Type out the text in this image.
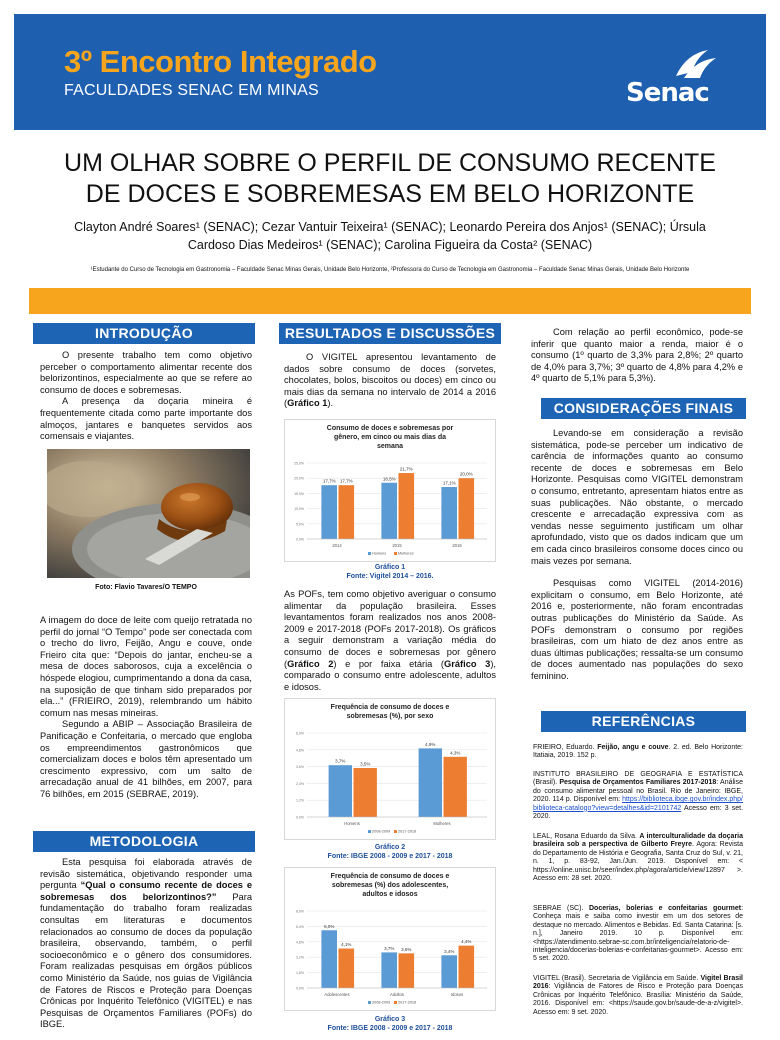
3º Encontro Integrado
FACULDADES SENAC EM MINAS	Senac
UM OLHAR SOBRE O PERFIL DE CONSUMO RECENTE
DE DOCES E SOBREMESAS EM BELO HORIZONTE
Clayton André Soares¹ (SENAC); Cezar Vantuir Teixeira¹ (SENAC); Leonardo Pereira dos Anjos¹ (SENAC); Úrsula
Cardoso Dias Medeiros¹ (SENAC); Carolina Figueira da Costa² (SENAC)
¹Estudante do Curso de Tecnologia em Gastronomia – Faculdade Senac Minas Gerais, Unidade Belo Horizonte, ²Professora do Curso de Tecnologia em Gastronomia – Faculdade Senac Minas Gerais, Unidade Belo Horizonte
INTRODUÇÃO

O presente trabalho tem como objetivo perceber o comportamento alimentar recente dos belorizontinos, especialmente ao que se refere ao consumo de doces e sobremesas.

A presença da doçaria mineira é frequentemente citada como parte importante dos almoços, jantares e banquetes servidos aos comensais e viajantes.

Foto: Flavio Tavares/O TEMPO

A imagem do doce de leite com queijo retratada no perfil do jornal “O Tempo” pode ser conectada com o trecho do livro, Feijão, Angu e couve, onde Frieiro cita que: “Depois do jantar, encheu-se a mesa de doces saborosos, cuja a excelência o hóspede elogiou, cumprimentando a dona da casa, na suposição de que tinham sido preparados por ela...” (FRIEIRO, 2019), relembrando um hábito comum nas mesas mineiras.

Segundo a ABIP – Associação Brasileira de Panificação e Confeitaria, o mercado que engloba os empreendimentos gastronômicos que comercializam doces e bolos têm apresentado um crescimento expressivo, com um salto de arrecadação anual de 41 bilhões, em 2007, para 76 bilhões, em 2015 (SEBRAE, 2019).

METODOLOGIA

Esta pesquisa foi elaborada através de revisão sistemática, objetivando responder uma pergunta “Qual o consumo recente de doces e sobremesas dos belorizontinos?” Para fundamentação do trabalho foram realizadas consultas em literaturas e documentos relacionados ao consumo de doces da população brasileira, observando, também, o perfil socioeconômico e o gênero dos consumidores. Foram realizadas pesquisas em órgãos públicos como Ministério da Saúde, nos guias de Vigilância de Fatores de Riscos e Proteção para Doenças Crônicas por Inquérito Telefônico (VIGITEL) e nas Pesquisas de Orçamentos Familiares (POFs) do IBGE.

RESULTADOS E DISCUSSÕES

O VIGITEL apresentou levantamento de dados sobre consumo de doces (sorvetes, chocolates, bolos, biscoitos ou doces) em cinco ou mais dias da semana no intervalo de 2014 a 2016 (Gráfico 1).

Consumo de doces e sobremesas por
gênero, em cinco ou mais dias da
semana
0,0%
5,0%
10,0%
15,0%
20,0%
25,0%
17,7% 17,7%
2014
18,5%
21,7%
2015
17,1%
20,0%
2016
Homens	Mulheres
Gráfico 1
Fonte: Vigitel 2014 – 2016.

As POFs, tem como objetivo averiguar o consumo alimentar da população brasileira. Esses levantamentos foram realizados nos anos 2008-2009 e 2017-2018 (POFs 2017-2018). Os gráficos a seguir demonstram a variação média do consumo de doces e sobremesas por gênero (Gráfico 2) e por faixa etária (Gráfico 3), comparado o consumo entre adolescente, adultos e idosos.

Frequência de consumo de doces e
sobremesas (%), por sexo
0,0%
1,2%
2,4%
3,6%
4,8%
6,0%
3,7%
3,5%
Homens
4,9%
4,3%
Mulheres
2008-2009 2017-2018
Gráfico 2
Fonte: IBGE 2008 - 2009 e 2017 - 2018
Frequência de consumo de doces e
sobremesas (%) dos adolescentes,
adultos e idosos
0,0%
1,6%
3,2%
4,8%
6,4%
8,0%
6,0%
4,1%
Adolescentes
3,7% 3,6%
Adultos
3,4%
4,4%
Idosos
2008-2009 2017-2018
Gráfico 3
Fonte: IBGE 2008 - 2009 e 2017 - 2018

Com relação ao perfil econômico, pode-se inferir que quanto maior a renda, maior é o consumo (1º quarto de 3,3% para 2,8%; 2º quarto de 4,0% para 3,7%; 3º quarto de 4,8% para 4,2% e 4º quarto de 5,1% para 5,3%).

CONSIDERAÇÕES FINAIS

Levando-se em consideração a revisão sistemática, pode-se perceber um indicativo de carência de informações quanto ao consumo recente de doces e sobremesas em Belo Horizonte. Pesquisas como VIGITEL demonstram o consumo, entretanto, apresentam hiatos entre as suas publicações. Não obstante, o mercado crescente e arrecadação expressiva com as vendas nesse seguimento justificam um olhar aprofundado, visto que os dados indicam que um em cada cinco brasileiros consome doces cinco ou mais vezes por semana.

Pesquisas como VIGITEL (2014-2016) explicitam o consumo, em Belo Horizonte, até 2016 e, posteriormente, não foram encontradas outras publicações do Ministério da Saúde. As POFs demonstram o consumo por regiões brasileiras, com um hiato de dez anos entre as duas últimas publicações; ressalta-se um consumo de doces aumentado nas populações do sexo feminino.

REFERÊNCIAS
FRIEIRO, Eduardo. Feijão, angu e couve. 2. ed. Belo Horizonte: Itatiaia, 2019. 152 p.
INSTITUTO BRASILEIRO DE GEOGRAFIA E ESTATÍSTICA (Brasil). Pesquisa de Orçamentos Familiares 2017-2018: Análise do consumo alimentar pessoal no Brasil. Rio de Janeiro: IBGE, 2020. 114 p. Disponível em: https://biblioteca.ibge.gov.br/index.php/ biblioteca-catalogo?view=detalhes&id=2101742 Acesso em: 3 set. 2020.
LEAL, Rosana Eduardo da Silva. A intercult​uralidade da doçaria brasileira sob a perspectiva de Gilberto Freyre. Agora: Revista do Departamento de História e Geografia, Santa Cruz do Sul, v. 21, n. 1, p. 83-92, Jan./Jun. 2019. Disponível em: < https://online.unisc.br/seer/index.php/agora/article/view/12897 >. Acesso em: 28 set. 2020.
SEBRAE (SC). Docerias, bolerias e confeitarias gourmet: Conheça mais e saiba como investir em um dos setores de destaque no mercado. Alimentos e Bebidas. Ed. Santa Catarina: [s. n.], Janeiro 2019. 10 p. Disponível em: <https://atendimento.sebrae-sc.com.br/inteligencia/relatorio-de-inteligencia/docerias-bolerias-e-confeitarias-gourmet>. Acesso em: 5 set. 2020.
VIGITEL (Brasil). Secretaria de Vigilância em Saúde. Vigitel Brasil 2016: Vigilância de Fatores de Risco e Proteção para Doenças Crônicas por Inquérito Telefônico. Brasília: Ministério da Saúde, 2016. Disponível em: <https://saude.gov.br/saude-de-a-z/vigitel>. Acesso em: 9 set. 2020.
